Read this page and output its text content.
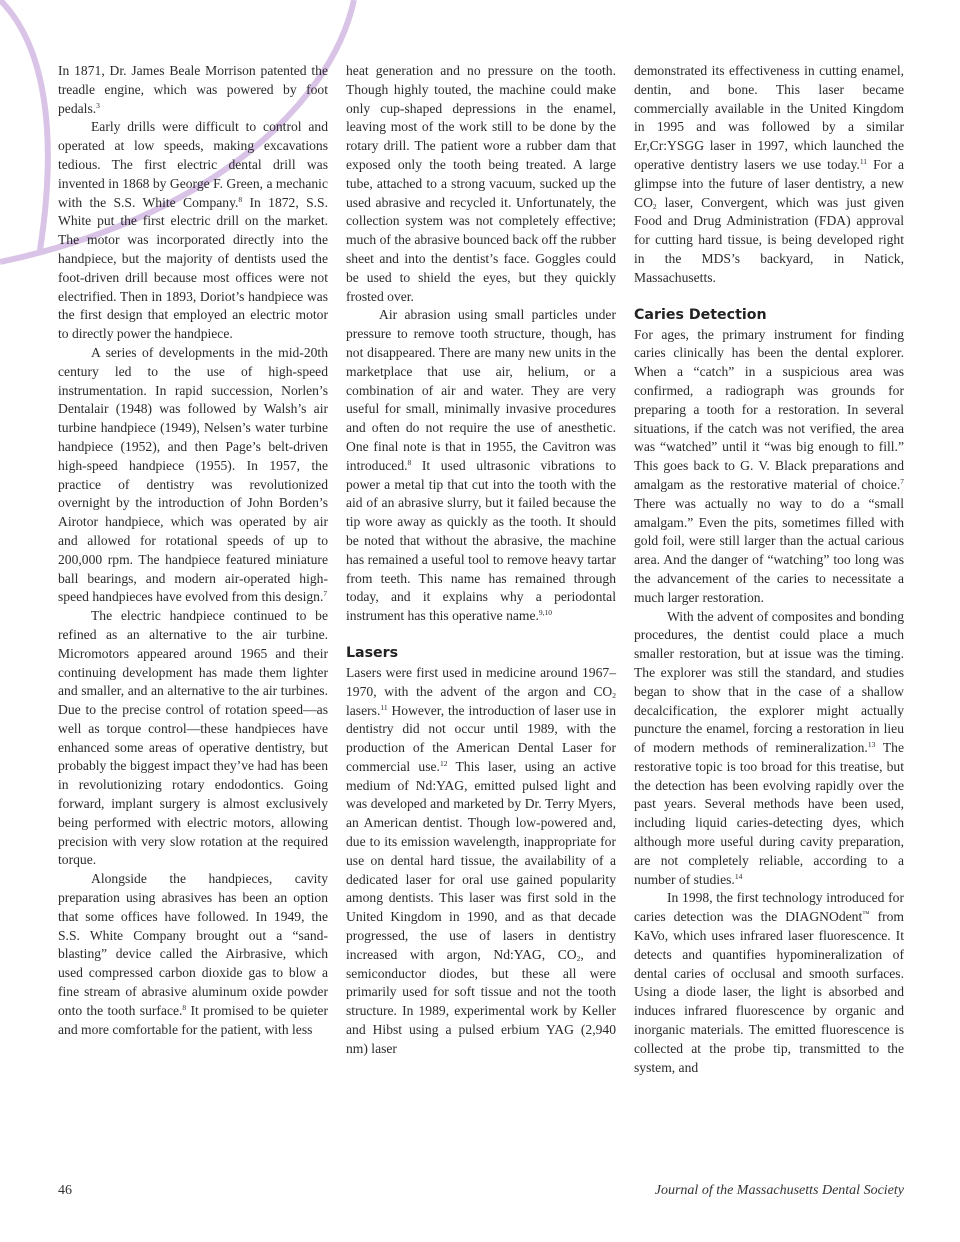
In 1871, Dr. James Beale Morrison patented the treadle engine, which was powered by foot pedals.$^3$

Early drills were difficult to control and operated at low speeds, making excavations tedious. The first electric dental drill was invented in 1868 by George F. Green, a mechanic with the S.S. White Company.$^8$ In 1872, S.S. White put the first electric drill on the market. The motor was incorporated directly into the handpiece, but the majority of dentists used the foot-driven drill because most offices were not electrified. Then in 1893, Doriot’s handpiece was the first design that employed an electric motor to directly power the handpiece.

A series of developments in the mid-20th century led to the use of high-speed instrumentation. In rapid succession, Norlen’s Dentalair (1948) was followed by Walsh’s air turbine handpiece (1949), Nelsen’s water turbine handpiece (1952), and then Page’s belt-driven high-speed handpiece (1955). In 1957, the practice of dentistry was revolutionized overnight by the introduction of John Borden’s Airotor handpiece, which was operated by air and allowed for rotational speeds of up to 200,000 rpm. The handpiece featured miniature ball bearings, and modern air-operated high-speed handpieces have evolved from this design.$^7$

The electric handpiece continued to be refined as an alternative to the air turbine. Micromotors appeared around 1965 and their continuing development has made them lighter and smaller, and an alternative to the air turbines. Due to the precise control of rotation speed—as well as torque control—these handpieces have enhanced some areas of operative dentistry, but probably the biggest impact they’ve had has been in revolutionizing rotary endodontics. Going forward, implant surgery is almost exclusively being performed with electric motors, allowing precision with very slow rotation at the required torque.

Alongside the handpieces, cavity preparation using abrasives has been an option that some offices have followed. In 1949, the S.S. White Company brought out a “sand-blasting” device called the Airbrasive, which used compressed carbon dioxide gas to blow a fine stream of abrasive aluminum oxide powder onto the tooth surface.$^8$ It promised to be quieter and more comfortable for the patient, with less

heat generation and no pressure on the tooth. Though highly touted, the machine could make only cup-shaped depressions in the enamel, leaving most of the work still to be done by the rotary drill. The patient wore a rubber dam that exposed only the tooth being treated. A large tube, attached to a strong vacuum, sucked up the used abrasive and recycled it. Unfortunately, the collection system was not completely effective; much of the abrasive bounced back off the rubber sheet and into the dentist’s face. Goggles could be used to shield the eyes, but they quickly frosted over.

Air abrasion using small particles under pressure to remove tooth structure, though, has not disappeared. There are many new units in the marketplace that use air, helium, or a combination of air and water. They are very useful for small, minimally invasive procedures and often do not require the use of anesthetic. One final note is that in 1955, the Cavitron was introduced.$^8$ It used ultrasonic vibrations to power a metal tip that cut into the tooth with the aid of an abrasive slurry, but it failed because the tip wore away as quickly as the tooth. It should be noted that without the abrasive, the machine has remained a useful tool to remove heavy tartar from teeth. This name has remained through today, and it explains why a periodontal instrument has this operative name.$^{9,10}$

Lasers

Lasers were first used in medicine around 1967–1970, with the advent of the argon and $CO_2$ lasers.$^{11}$ However, the introduction of laser use in dentistry did not occur until 1989, with the production of the American Dental Laser for commercial use.$^{12}$ This laser, using an active medium of Nd:YAG, emitted pulsed light and was developed and marketed by Dr. Terry Myers, an American dentist. Though low-powered and, due to its emission wavelength, inappropriate for use on dental hard tissue, the availability of a dedicated laser for oral use gained popularity among dentists. This laser was first sold in the United Kingdom in 1990, and as that decade progressed, the use of lasers in dentistry increased with argon, Nd:YAG, $CO_2$, and semiconductor diodes, but these all were primarily used for soft tissue and not the tooth structure. In 1989, experimental work by Keller and Hibst using a pulsed erbium YAG (2,940 nm) laser

demonstrated its effectiveness in cutting enamel, dentin, and bone. This laser became commercially available in the United Kingdom in 1995 and was followed by a similar Er,Cr:YSGG laser in 1997, which launched the operative dentistry lasers we use today.$^{11}$ For a glimpse into the future of laser dentistry, a new $CO_2$ laser, Convergent, which was just given Food and Drug Administration (FDA) approval for cutting hard tissue, is being developed right in the MDS’s backyard, in Natick, Massachusetts.

Caries Detection

For ages, the primary instrument for finding caries clinically has been the dental explorer. When a “catch” in a suspicious area was confirmed, a radiograph was grounds for preparing a tooth for a restoration. In several situations, if the catch was not verified, the area was “watched” until it “was big enough to fill.” This goes back to G. V. Black preparations and amalgam as the restorative material of choice.$^7$ There was actually no way to do a “small amalgam.” Even the pits, sometimes filled with gold foil, were still larger than the actual carious area. And the danger of “watching” too long was the advancement of the caries to necessitate a much larger restoration.

With the advent of composites and bonding procedures, the dentist could place a much smaller restoration, but at issue was the timing. The explorer was still the standard, and studies began to show that in the case of a shallow decalcification, the explorer might actually puncture the enamel, forcing a restoration in lieu of modern methods of remineralization.$^{13}$ The restorative topic is too broad for this treatise, but the detection has been evolving rapidly over the past years. Several methods have been used, including liquid caries-detecting dyes, which although more useful during cavity preparation, are not completely reliable, according to a number of studies.$^{14}$

In 1998, the first technology introduced for caries detection was the DIAGNOdent™ from KaVo, which uses infrared laser fluorescence. It detects and quantifies hypomineralization of dental caries of occlusal and smooth surfaces. Using a diode laser, the light is absorbed and induces infrared fluorescence by organic and inorganic materials. The emitted fluorescence is collected at the probe tip, transmitted to the system, and

46	Journal of the Massachusetts Dental Society
